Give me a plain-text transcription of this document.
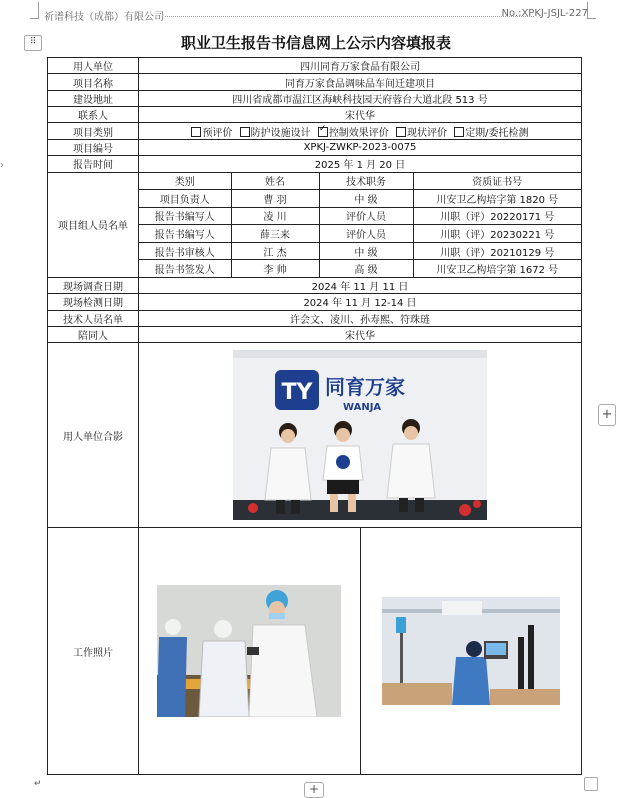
祈谱科技（成都）有限公司	No.:XPKJ-JSJL-227
›
⠿	职业卫生报告书信息网上公示内容填报表
用人单位	四川同育万家食品有限公司
项目名称	同育万家食品调味品车间迁建项目
建设地址	四川省成都市温江区海峡科技园天府蓉台大道北段 513 号
联系人	宋代华
项目类别	预评价 防护设施设计 ✓ 控制效果评价 现状评价 定期/委托检测
项目编号	XPKJ-ZWKP-2023-0075
报告时间	2025 年 1 月 20 日
项目组人员名单	
类别	姓名	技术职务	资质证书号
项目负责人	曹 羽	中 级	川安卫乙构培字第 1820 号
报告书编写人	凌 川	评价人员	川职（评）20220171 号
报告书编写人	薛三来	评价人员	川职（评）20230221 号
报告书审核人	江 杰	中 级	川职（评）20210129 号
报告书签发人	李 帅	高 级	川安卫乙构培字第 1672 号

现场调查日期	2024 年 11 月 11 日
现场检测日期	2024 年 11 月 12-14 日
技术人员名单	许会文、凌川、孙寿熙、符珠琏
陪同人	宋代华
用人单位合影	
TY 同育万家
WANJA

工作照片	
+
↵	+
